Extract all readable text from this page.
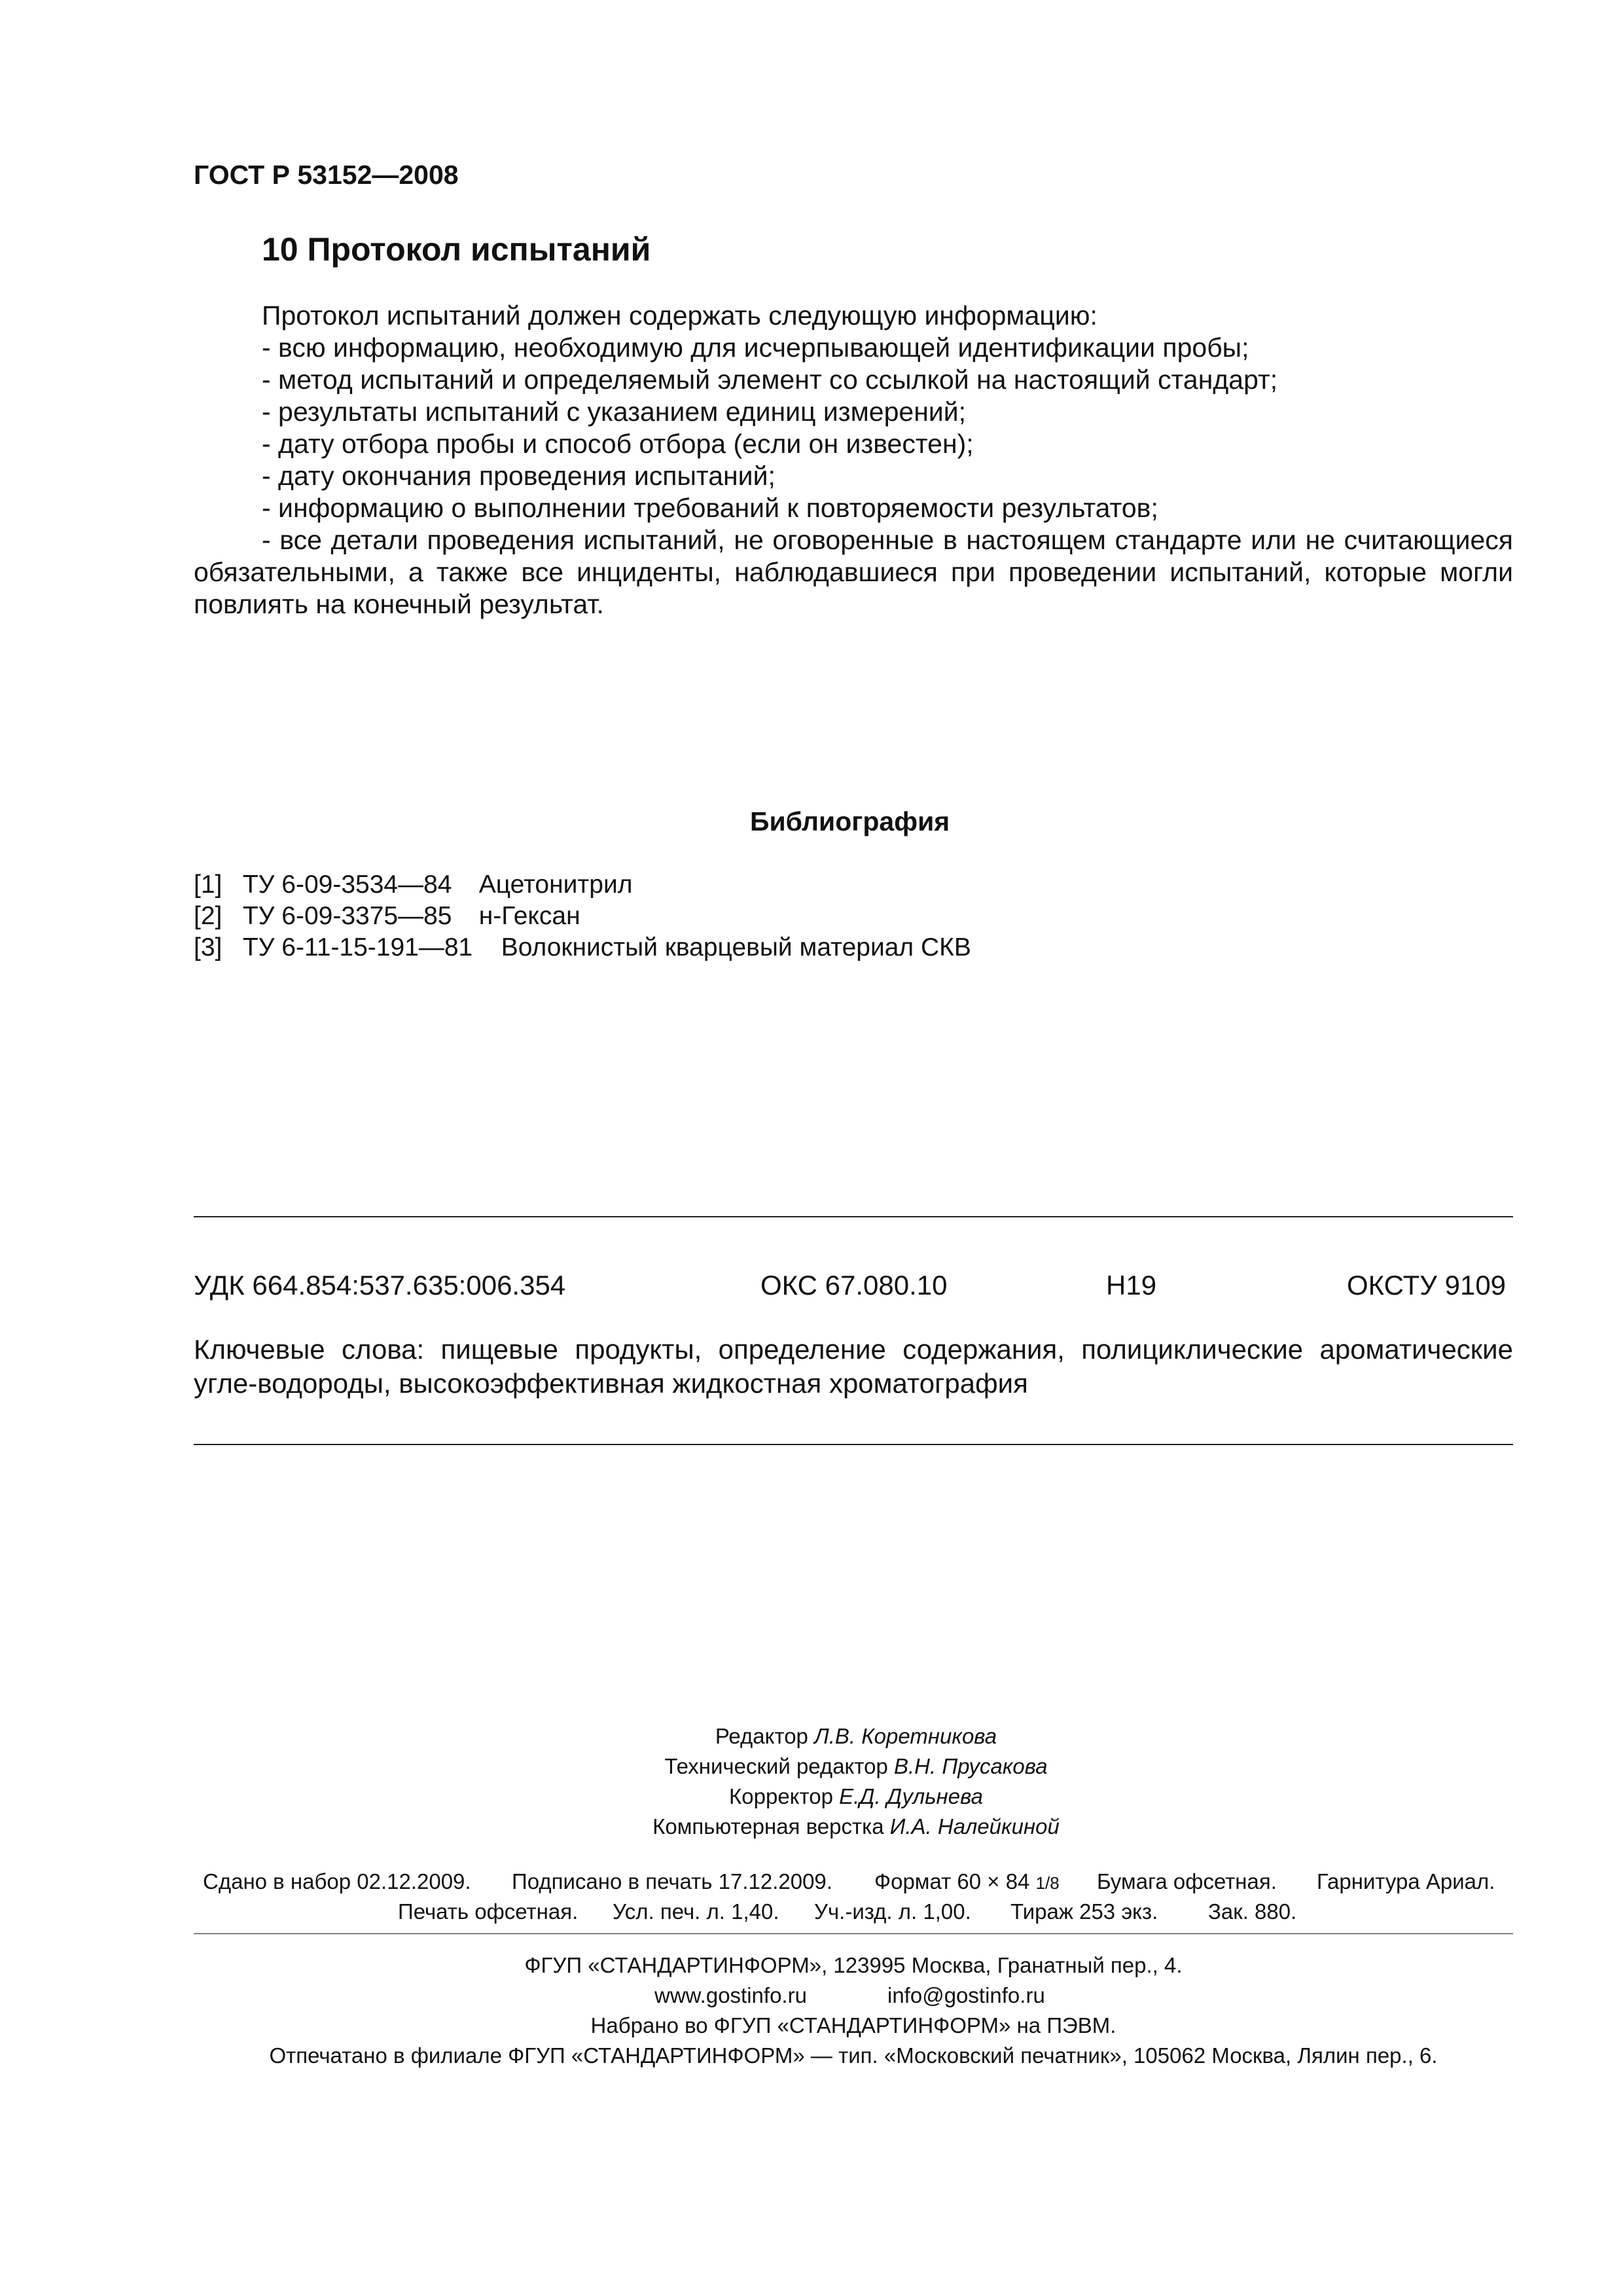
ГОСТ Р 53152—2008
10 Протокол испытаний
Протокол испытаний должен содержать следующую информацию:
- всю информацию, необходимую для исчерпывающей идентификации пробы;
- метод испытаний и определяемый элемент со ссылкой на настоящий стандарт;
- результаты испытаний с указанием единиц измерений;
- дату отбора пробы и способ отбора (если он известен);
- дату окончания проведения испытаний;
- информацию о выполнении требований к повторяемости результатов;
- все детали проведения испытаний, не оговоренные в настоящем стандарте или не считающиеся обязательными, а также все инциденты, наблюдавшиеся при проведении испытаний, которые могли повлиять на конечный результат.
Библиография
[1] ТУ 6-09-3534—84 Ацетонитрил
[2] ТУ 6-09-3375—85 н-Гексан
[3] ТУ 6-11-15-191—81 Волокнистый кварцевый материал СКВ
УДК 664.854:537.635:006.354	ОКС 67.080.10	Н19	ОКСТУ 9109
Ключевые слова: пищевые продукты, определение содержания, полициклические ароматические угле-водороды, высокоэффективная жидкостная хроматография
Редактор Л.В. Коретникова
Технический редактор В.Н. Прусакова
Корректор Е.Д. Дульнева
Компьютерная верстка И.А. Налейкиной
Сдано в набор 02.12.2009. Подписано в печать 17.12.2009. Формат 60 × 84 1/8 Бумага офсетная. Гарнитура Ариал.
Печать офсетная. Усл. печ. л. 1,40. Уч.-изд. л. 1,00. Тираж 253 экз. Зак. 880.
ФГУП «СТАНДАРТИНФОРМ», 123995 Москва, Гранатный пер., 4.
www.gostinfo.ru	info@gostinfo.ru
Набрано во ФГУП «СТАНДАРТИНФОРМ» на ПЭВМ.
Отпечатано в филиале ФГУП «СТАНДАРТИНФОРМ» — тип. «Московский печатник», 105062 Москва, Лялин пер., 6.
